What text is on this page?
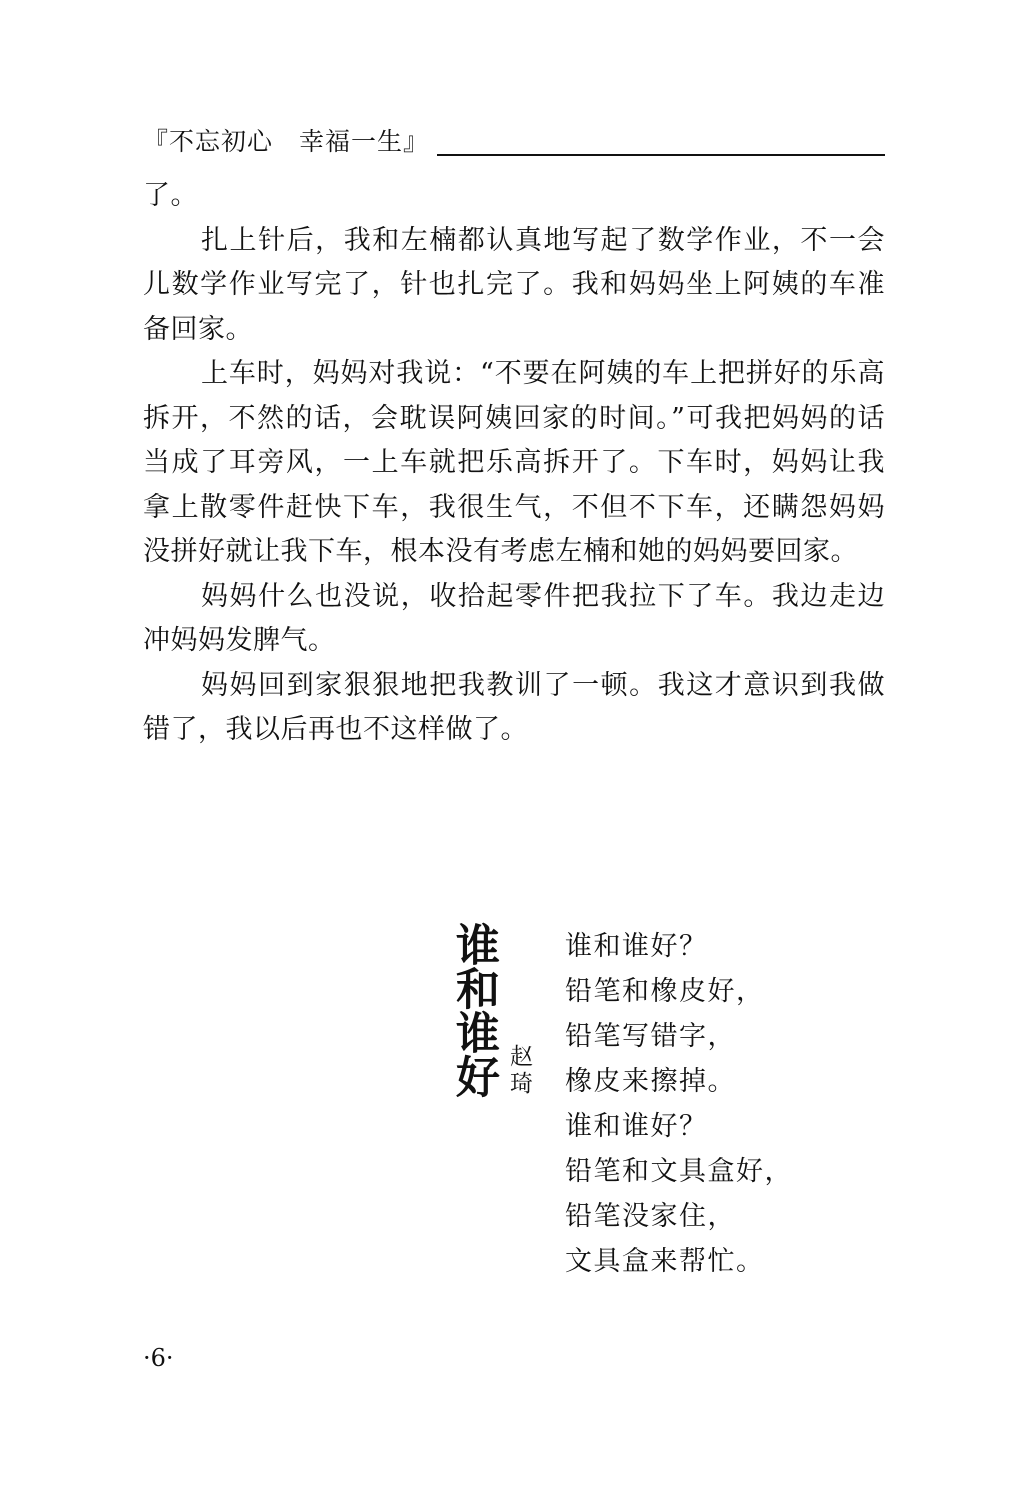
『不忘初心　幸福一生』

了。

扎上针后，我和左楠都认真地写起了数学作业，不一会儿数学作业写完了，针也扎完了。我和妈妈坐上阿姨的车准备回家。

上车时，妈妈对我说：“不要在阿姨的车上把拼好的乐高拆开，不然的话，会耽误阿姨回家的时间。”可我把妈妈的话当成了耳旁风，一上车就把乐高拆开了。下车时，妈妈让我拿上散零件赶快下车，我很生气，不但不下车，还瞒怨妈妈没拼好就让我下车，根本没有考虑左楠和她的妈妈要回家。

妈妈什么也没说，收拾起零件把我拉下了车。我边走边冲妈妈发脾气。

妈妈回到家狠狠地把我教训了一顿。我这才意识到我做错了，我以后再也不这样做了。

谁和谁好 赵琦
谁和谁好？
铅笔和橡皮好，
铅笔写错字，
橡皮来擦掉。
谁和谁好？
铅笔和文具盒好，
铅笔没家住，
文具盒来帮忙。
·6·
